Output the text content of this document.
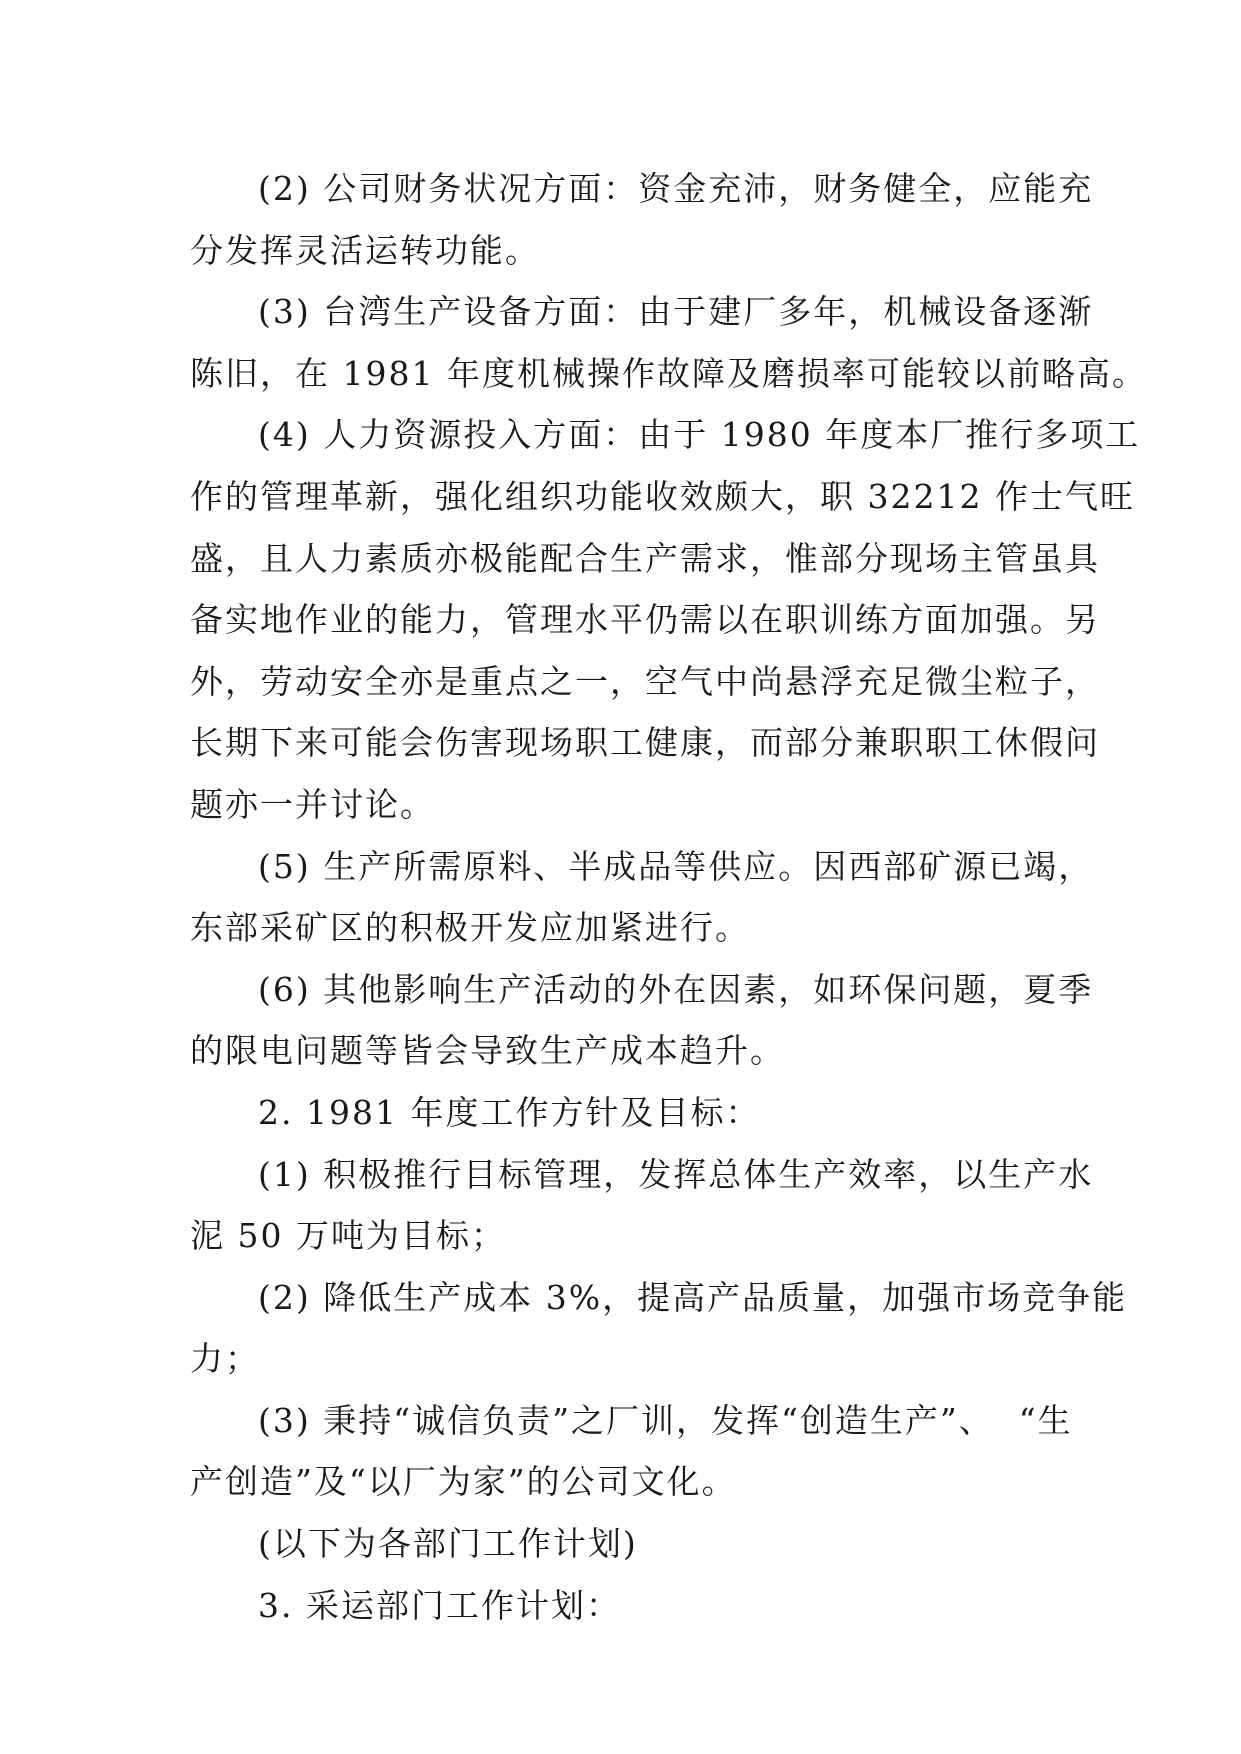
(2) 公司财务状况方面：资金充沛，财务健全，应能充
分发挥灵活运转功能。
(3) 台湾生产设备方面：由于建厂多年，机械设备逐渐
陈旧，在 1981 年度机械操作故障及磨损率可能较以前略高。
(4) 人力资源投入方面：由于 1980 年度本厂推行多项工
作的管理革新，强化组织功能收效颇大，职 32212 作士气旺
盛，且人力素质亦极能配合生产需求，惟部分现场主管虽具
备实地作业的能力，管理水平仍需以在职训练方面加强。另
外，劳动安全亦是重点之一，空气中尚悬浮充足微尘粒子，
长期下来可能会伤害现场职工健康，而部分兼职职工休假问
题亦一并讨论。
(5) 生产所需原料、半成品等供应。因西部矿源已竭，
东部采矿区的积极开发应加紧进行。
(6) 其他影响生产活动的外在因素，如环保问题，夏季
的限电问题等皆会导致生产成本趋升。
2. 1981 年度工作方针及目标：
(1) 积极推行目标管理，发挥总体生产效率，以生产水
泥 50 万吨为目标；
(2) 降低生产成本 3%，提高产品质量，加强市场竞争能
力；
(3) 秉持“诚信负责”之厂训，发挥“创造生产”、  “生
产创造”及“以厂为家”的公司文化。
(以下为各部门工作计划)
3. 采运部门工作计划：
